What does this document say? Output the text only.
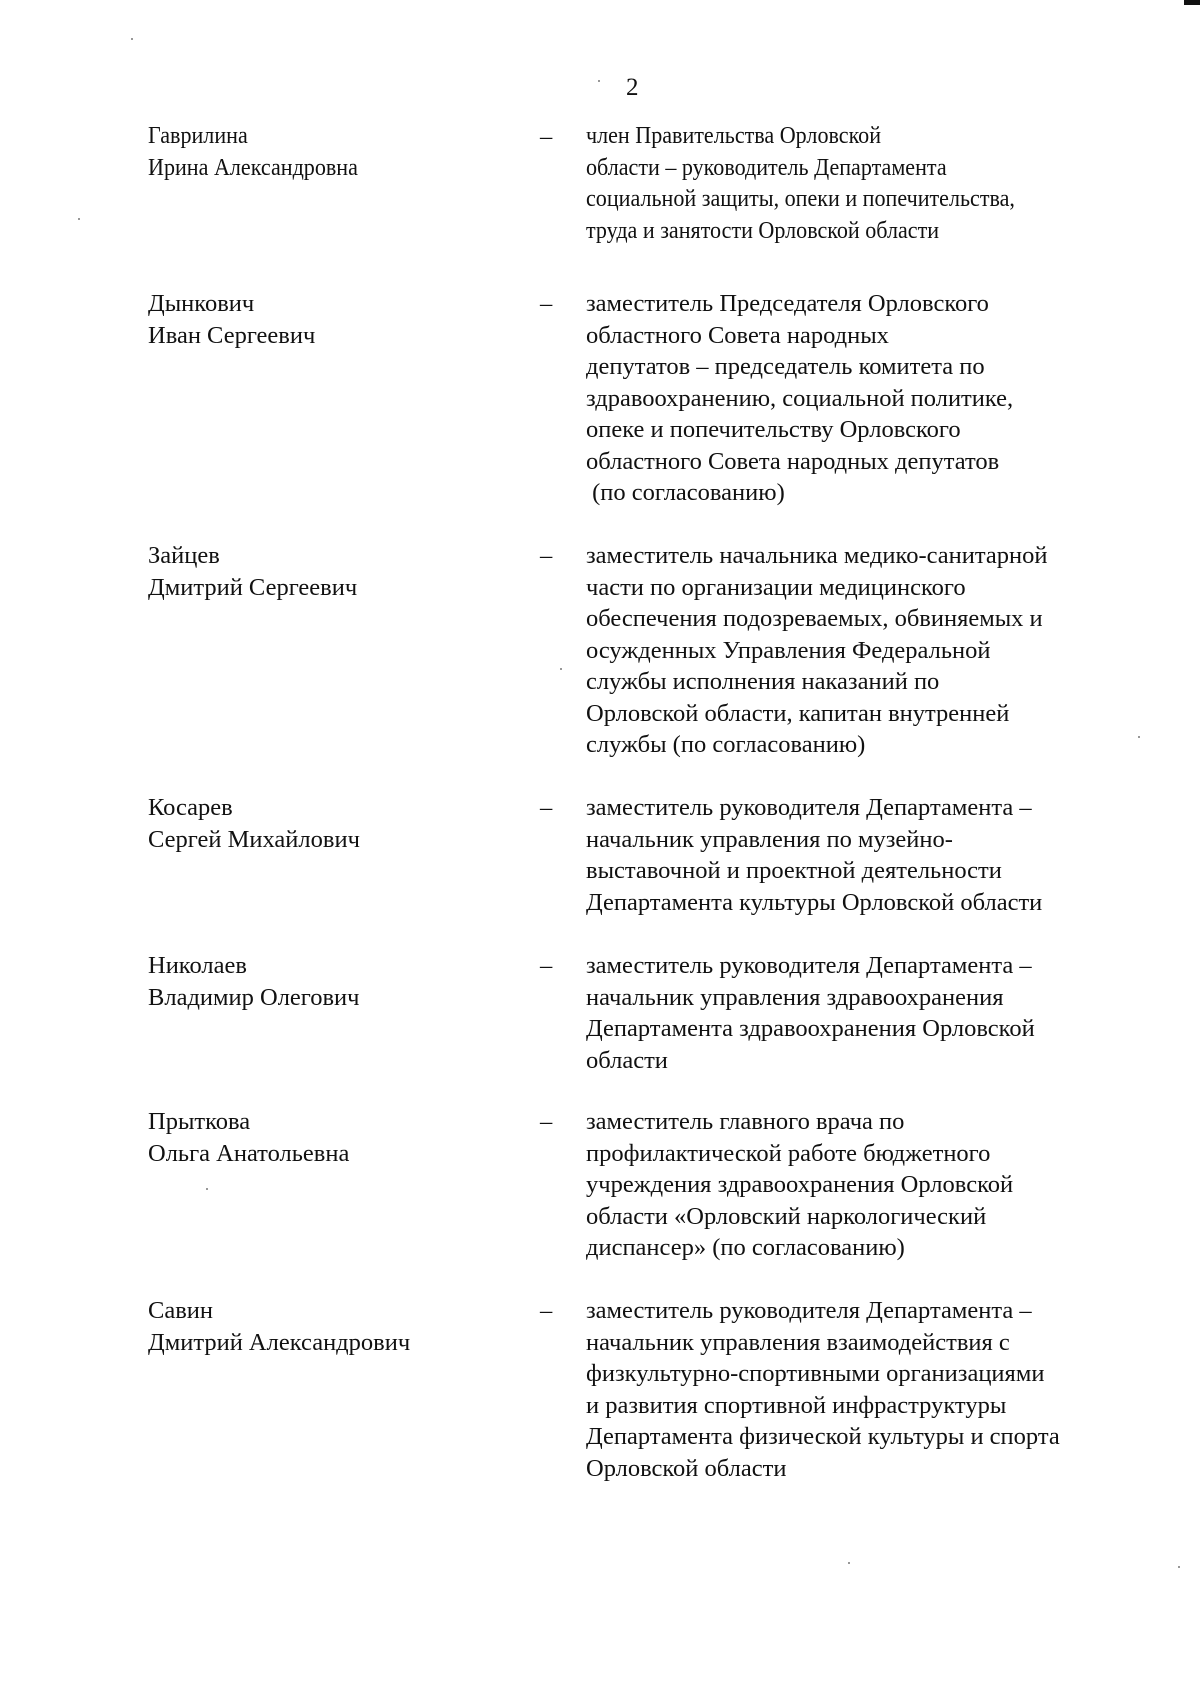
2
Гаврилина
Ирина Александровна
– член Правительства Орловской
области – руководитель Департамента
социальной защиты, опеки и попечительства,
труда и занятости Орловской области
Дынкович
Иван Сергеевич
– заместитель Председателя Орловского
областного Совета народных
депутатов – председатель комитета по
здравоохранению, социальной политике,
опеке и попечительству Орловского
областного Совета народных депутатов
(по согласованию)
Зайцев
Дмитрий Сергеевич
– заместитель начальника медико-санитарной
части по организации медицинского
обеспечения подозреваемых, обвиняемых и
осужденных Управления Федеральной
службы исполнения наказаний по
Орловской области, капитан внутренней
службы (по согласованию)
Косарев
Сергей Михайлович
– заместитель руководителя Департамента –
начальник управления по музейно-
выставочной и проектной деятельности
Департамента культуры Орловской области
Николаев
Владимир Олегович
– заместитель руководителя Департамента –
начальник управления здравоохранения
Департамента здравоохранения Орловской
области
Прыткова
Ольга Анатольевна
– заместитель главного врача по
профилактической работе бюджетного
учреждения здравоохранения Орловской
области «Орловский наркологический
диспансер» (по согласованию)
Савин
Дмитрий Александрович
– заместитель руководителя Департамента –
начальник управления взаимодействия с
физкультурно-спортивными организациями
и развития спортивной инфраструктуры
Департамента физической культуры и спорта
Орловской области
